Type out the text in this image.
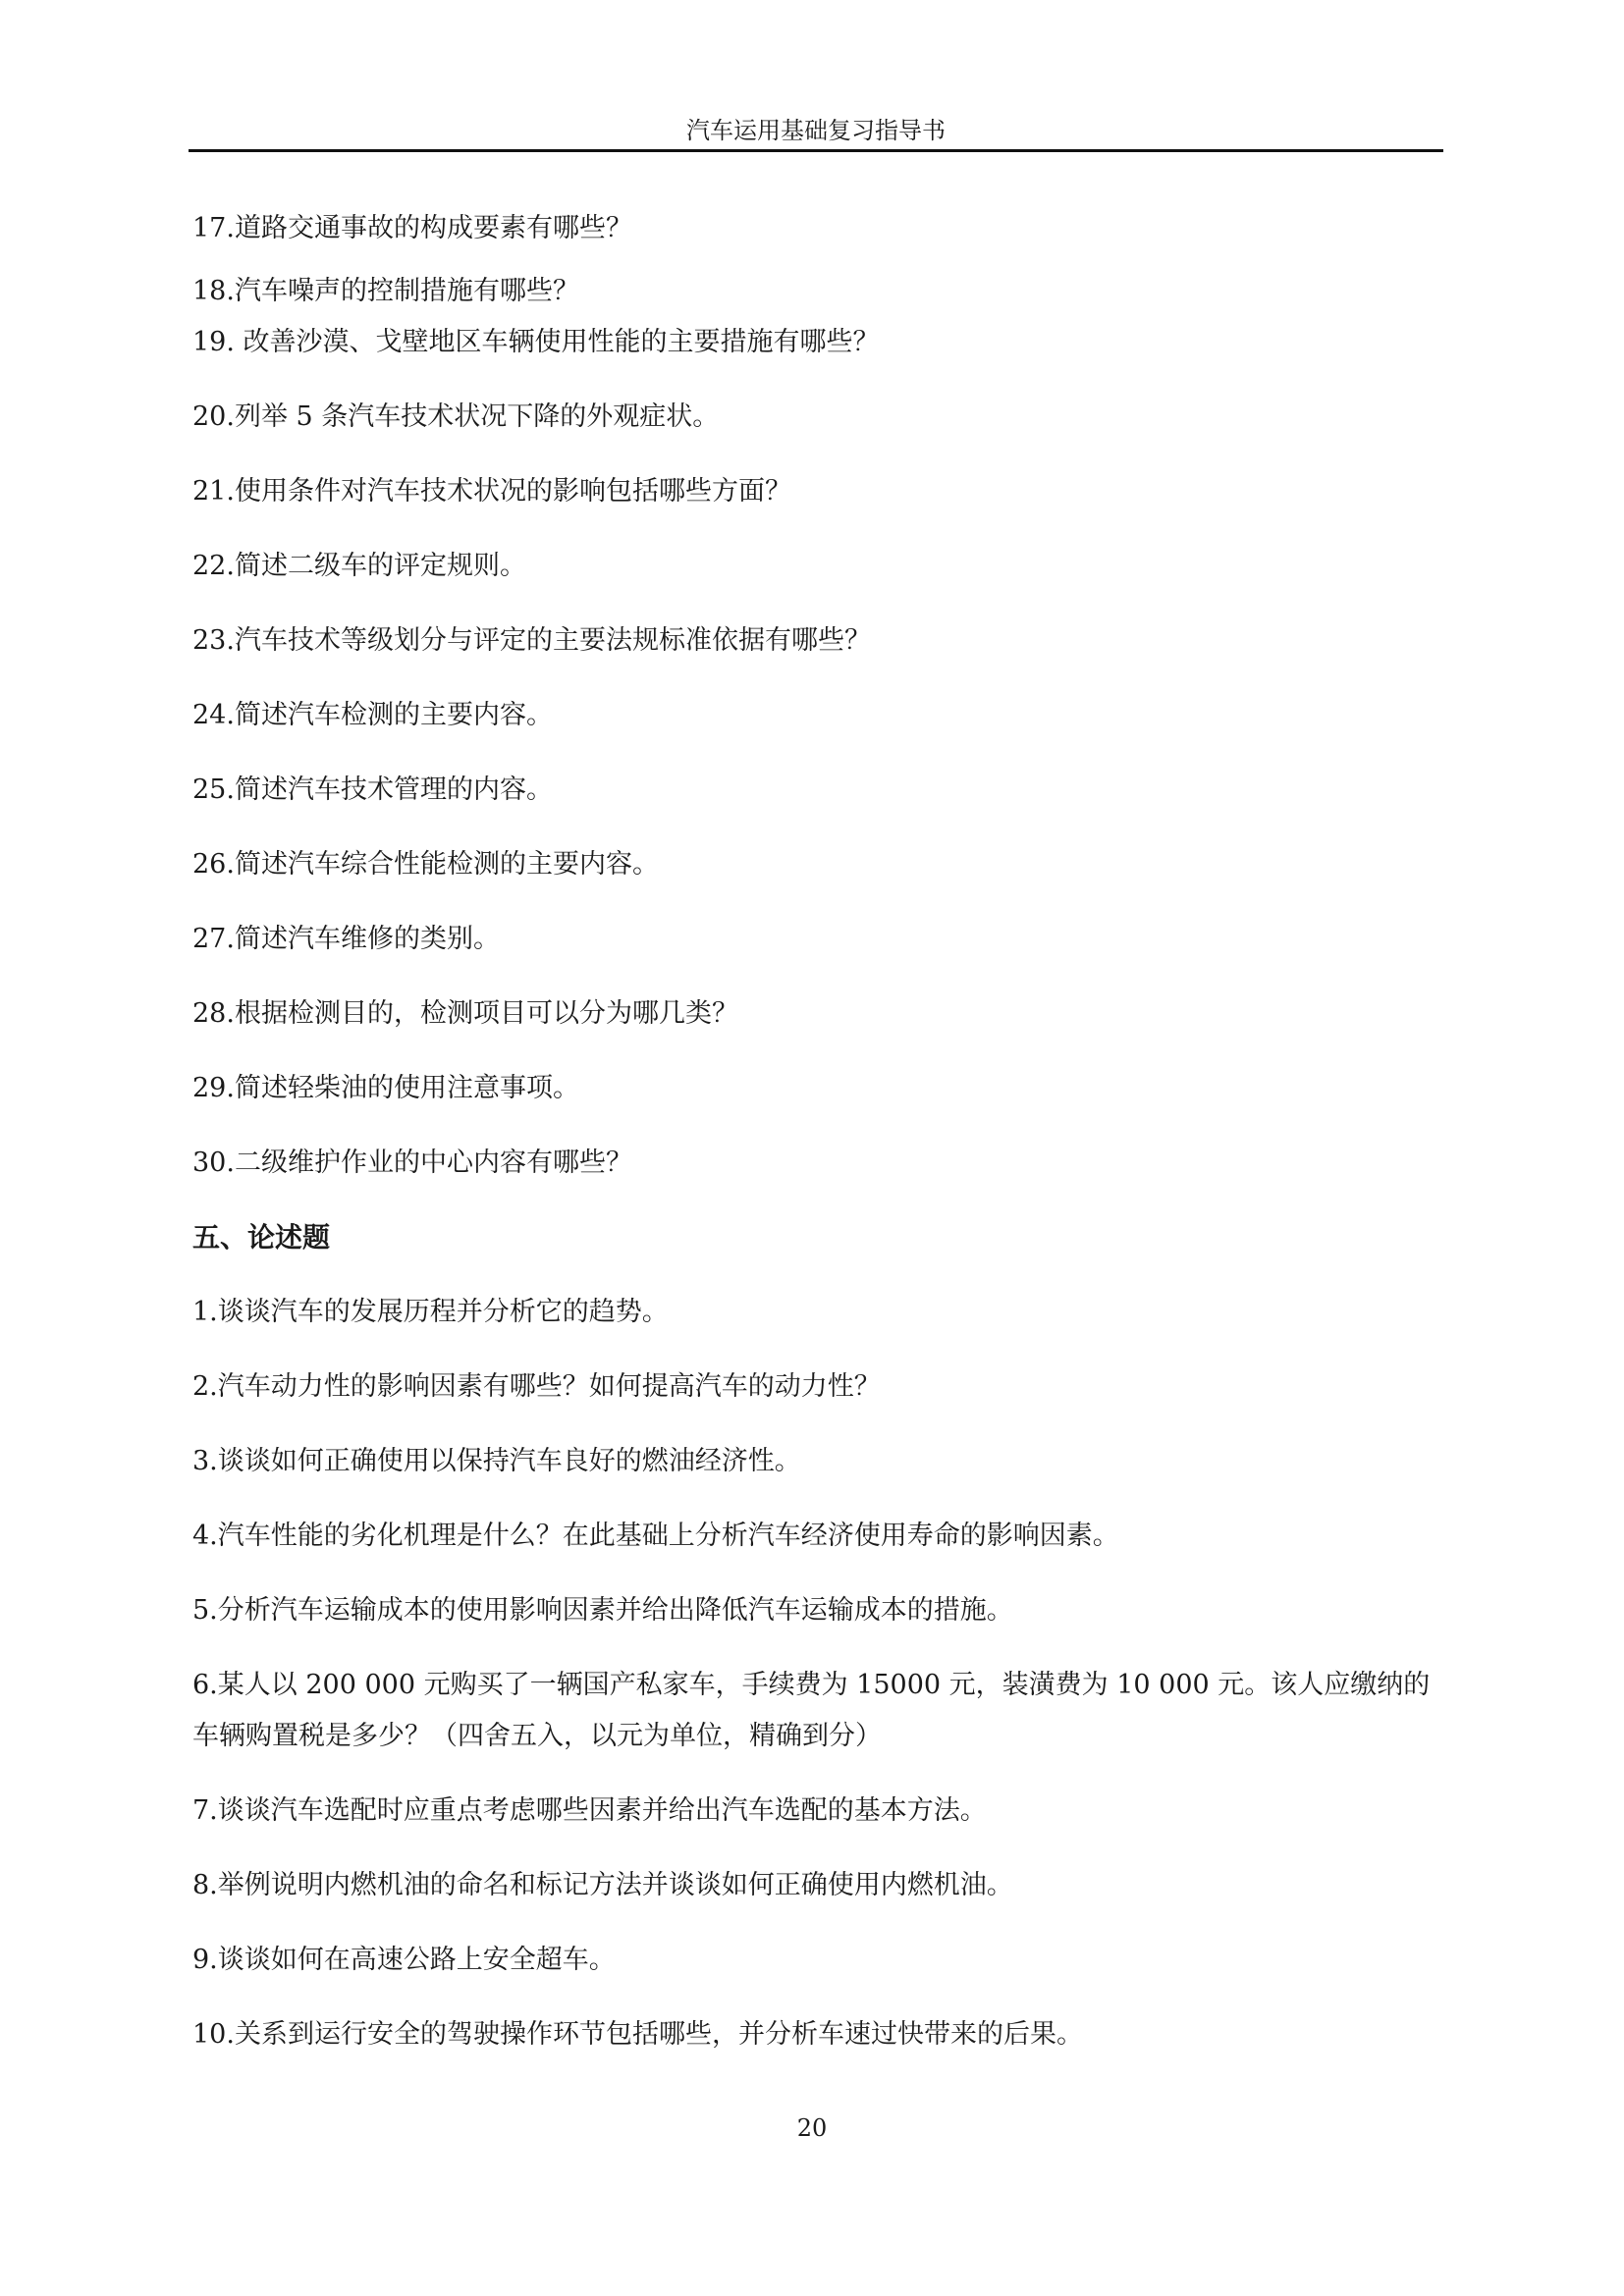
汽车运用基础复习指导书
17.道路交通事故的构成要素有哪些？
18.汽车噪声的控制措施有哪些？
19. 改善沙漠、戈壁地区车辆使用性能的主要措施有哪些？
20.列举 5 条汽车技术状况下降的外观症状。
21.使用条件对汽车技术状况的影响包括哪些方面？
22.简述二级车的评定规则。
23.汽车技术等级划分与评定的主要法规标准依据有哪些？
24.简述汽车检测的主要内容。
25.简述汽车技术管理的内容。
26.简述汽车综合性能检测的主要内容。
27.简述汽车维修的类别。
28.根据检测目的，检测项目可以分为哪几类？
29.简述轻柴油的使用注意事项。
30.二级维护作业的中心内容有哪些？
五、论述题
1.谈谈汽车的发展历程并分析它的趋势。
2.汽车动力性的影响因素有哪些？如何提高汽车的动力性？
3.谈谈如何正确使用以保持汽车良好的燃油经济性。
4.汽车性能的劣化机理是什么？在此基础上分析汽车经济使用寿命的影响因素。
5.分析汽车运输成本的使用影响因素并给出降低汽车运输成本的措施。
6.某人以 200 000 元购买了一辆国产私家车，手续费为 15000 元，装潢费为 10 000 元。该人应缴纳的
车辆购置税是多少？（四舍五入，以元为单位，精确到分）
7.谈谈汽车选配时应重点考虑哪些因素并给出汽车选配的基本方法。
8.举例说明内燃机油的命名和标记方法并谈谈如何正确使用内燃机油。
9.谈谈如何在高速公路上安全超车。
10.关系到运行安全的驾驶操作环节包括哪些，并分析车速过快带来的后果。
20
